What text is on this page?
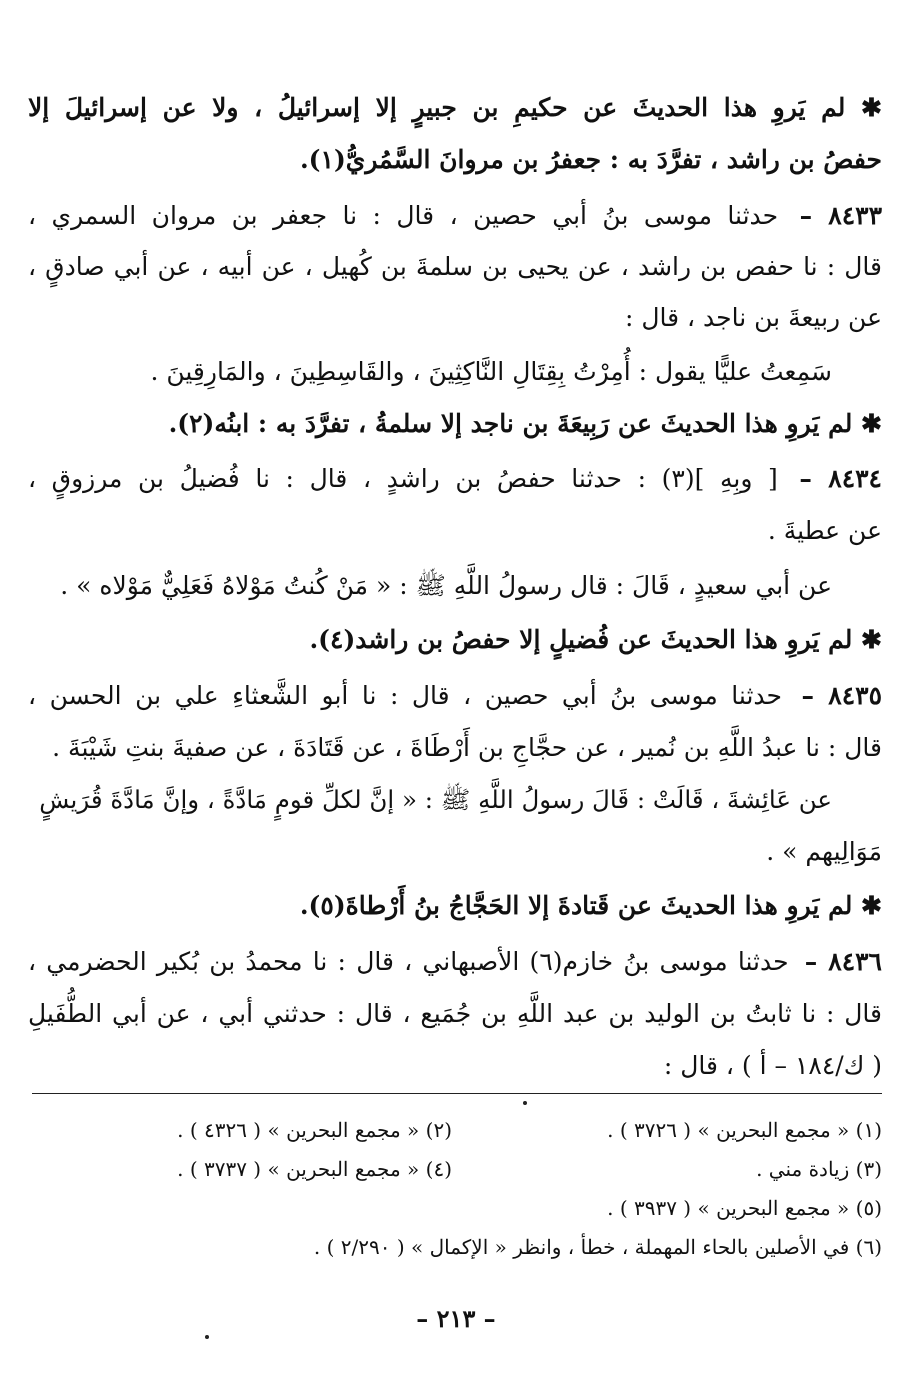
– ٢١٣ –
✱ لم يَروِ هذا الحديثَ عن حكيمِ بن جبيرٍ إلا إسرائيلُ ، ولا عن إسرائيلَ إلا
حفصُ بن راشد ، تفرَّدَ به : جعفرُ بن مروانَ السَّمُريُّ(١).
٨٤٣٣ – حدثنا موسى بنُ أبي حصين ، قال : نا جعفر بن مروان السمري ،
قال : نا حفص بن راشد ، عن يحيى بن سلمةَ بن كُهيل ، عن أبيه ، عن أبي صادقٍ ،
عن ربيعةَ بن ناجد ، قال :
سَمِعتُ عليًّا يقول : أُمِرْتُ بِقِتَالِ النَّاكِثِينَ ، والقَاسِطِينَ ، والمَارِقِينَ .
✱ لم يَروِ هذا الحديثَ عن رَبِيعَةَ بن ناجد إلا سلمةُ ، تفرَّدَ به : ابنُه(٢).
٨٤٣٤ – [ وبِهِ ](٣) : حدثنا حفصُ بن راشدٍ ، قال : نا فُضيلُ بن مرزوقٍ ،
عن عطيةَ .
عن أبي سعيدٍ ، قَالَ : قال رسولُ اللَّهِ ﷺ : « مَنْ كُنتُ مَوْلاهُ فَعَلِيٌّ مَوْلاه » .
✱ لم يَروِ هذا الحديثَ عن فُضيلٍ إلا حفصُ بن راشد(٤).
٨٤٣٥ – حدثنا موسى بنُ أبي حصين ، قال : نا أبو الشَّعثاءِ علي بن الحسن ،
قال : نا عبدُ اللَّهِ بن نُمير ، عن حجَّاجِ بن أَرْطَاةَ ، عن قَتَادَةَ ، عن صفيةَ بنتِ شَيْبَةَ .
عن عَائِشةَ ، قَالَتْ : قَالَ رسولُ اللَّهِ ﷺ : « إنَّ لكلِّ قومٍ مَادَّةً ، وإنَّ مَادَّةَ قُرَيشٍ
مَوَالِيهم » .
✱ لم يَروِ هذا الحديثَ عن قَتادةَ إلا الحَجَّاجُ بنُ أَرْطاةَ(٥).
٨٤٣٦ – حدثنا موسى بنُ خازم(٦) الأصبهاني ، قال : نا محمدُ بن بُكير الحضرمي ،
قال : نا ثابتُ بن الوليد بن عبد اللَّهِ بن جُمَيع ، قال : حدثني أبي ، عن أبي الطُّفَيلِ
( ك/١٨٤ – أ ) ، قال :
(١) « مجمع البحرين » ( ٣٧٢٦ ) .
(٢) « مجمع البحرين » ( ٤٣٢٦ ) .
(٣) زيادة مني .
(٤) « مجمع البحرين » ( ٣٧٣٧ ) .
(٥) « مجمع البحرين » ( ٣٩٣٧ ) .
(٦) في الأصلين بالحاء المهملة ، خطأ ، وانظر « الإكمال » ( ٢/٢٩٠ ) .
